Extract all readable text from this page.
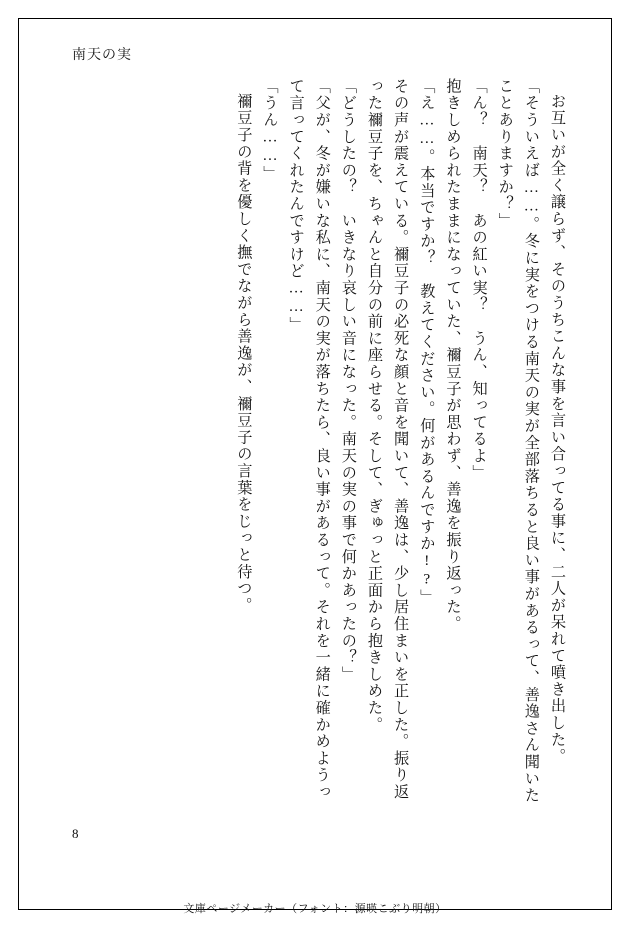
南天の実

お互いが全く譲らず、そのうちこんな事を言い合ってる事に、二人が呆れて噴き出した。

「そういえば……。冬に実をつける南天の実が全部落ちると良い事があるって、善逸さん聞いたことありますか？」

「ん？　南天？　あの紅い実？　うん、知ってるよ」

抱きしめられたままになっていた、禰豆子が思わず、善逸を振り返った。

「え……。本当ですか？　教えてください。何があるんですか!?」

その声が震えている。禰豆子の必死な顔と音を聞いて、善逸は、少し居住まいを正した。振り返った禰豆子を、ちゃんと自分の前に座らせる。そして、ぎゅっと正面から抱きしめた。

「どうしたの？　いきなり哀しい音になった。南天の実の事で何かあったの？」

「父が、冬が嫌いな私に、南天の実が落ちたら、良い事があるって。それを一緒に確かめようって言ってくれたんですけど……」

「うん……」

禰豆子の背を優しく撫でながら善逸が、禰豆子の言葉をじっと待つ。

8
文庫ページメーカー（フォント：源暎こぶり明朝）
